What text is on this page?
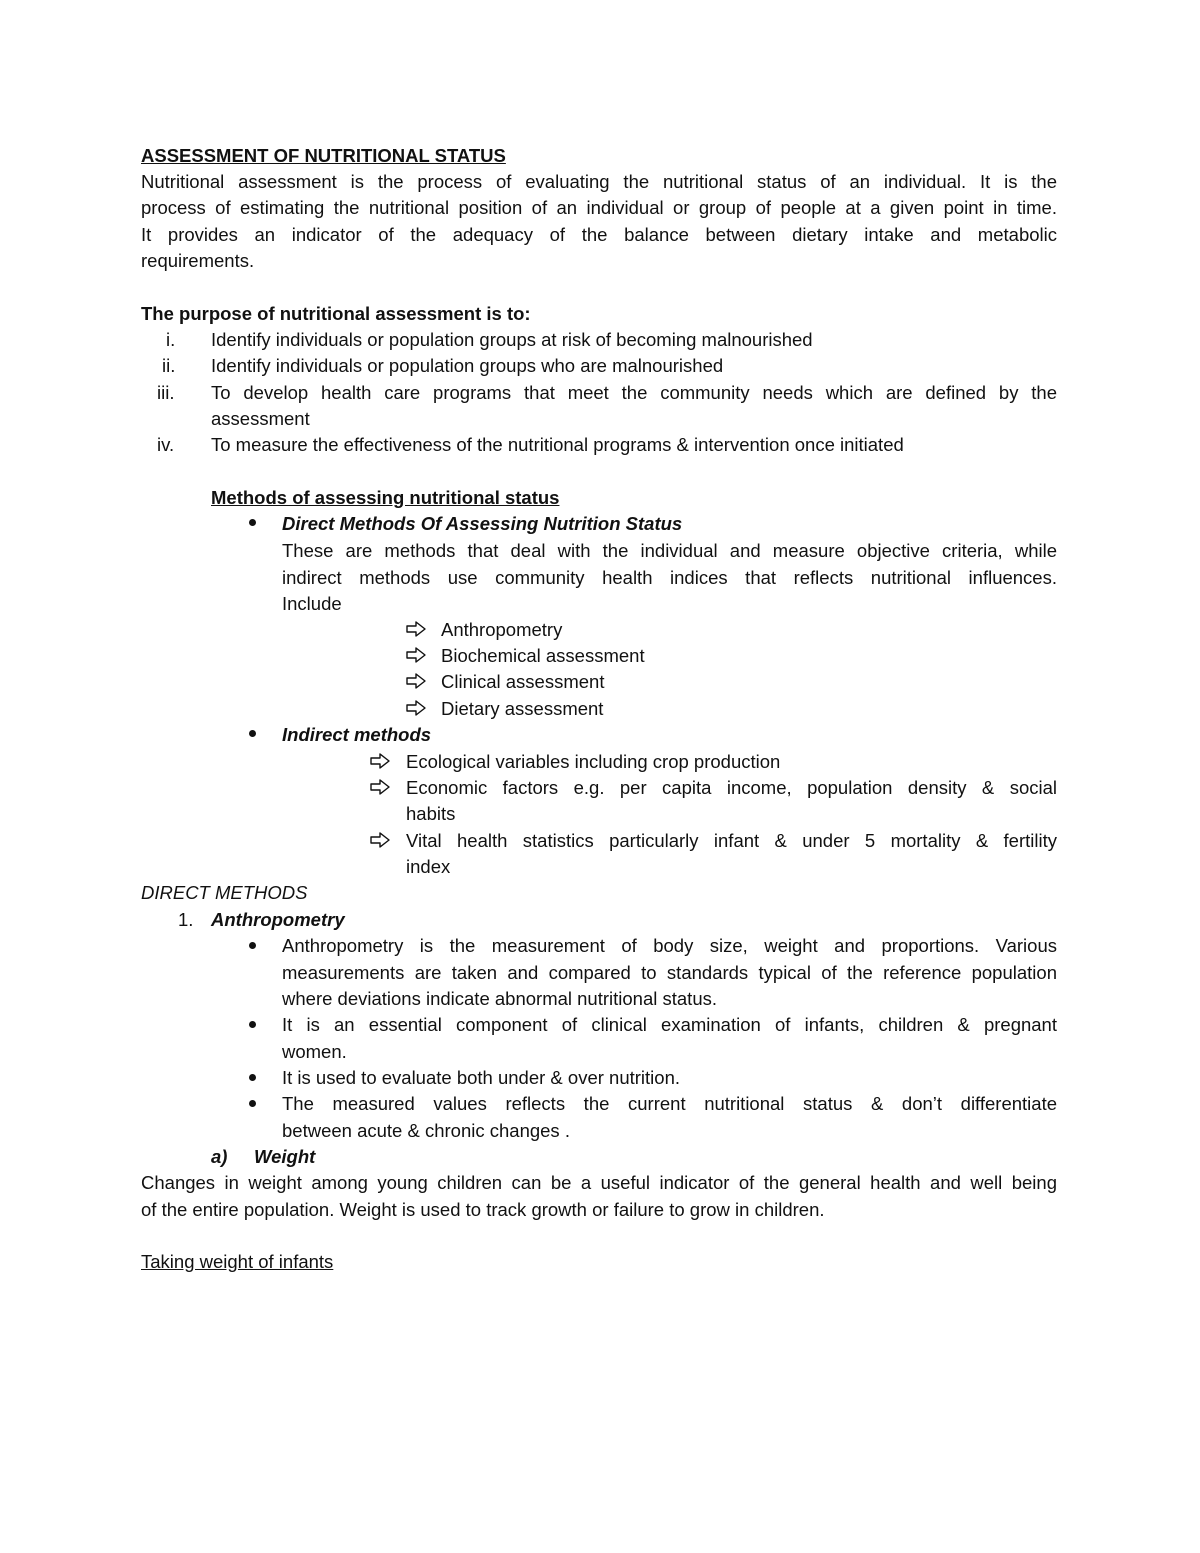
ASSESSMENT OF NUTRITIONAL STATUS

Nutritional assessment is the process of evaluating the nutritional status of an individual. It is the

process of estimating the nutritional position of an individual or group of people at a given point in time.

It provides an indicator of the adequacy of the balance between dietary intake and metabolic

requirements.

The purpose of nutritional assessment is to:

i. Identify individuals or population groups at risk of becoming malnourished

ii. Identify individuals or population groups who are malnourished

iii. To develop health care programs that meet the community needs which are defined by the

assessment

iv. To measure the effectiveness of the nutritional programs & intervention once initiated

Methods of assessing nutritional status

Direct Methods Of Assessing Nutrition Status

These are methods that deal with the individual and measure objective criteria, while

indirect methods use community health indices that reflects nutritional influences.

Include

Anthropometry

Biochemical assessment

Clinical assessment

Dietary assessment

Indirect methods

Ecological variables including crop production

Economic factors e.g. per capita income, population density & social

habits

Vital health statistics particularly infant & under 5 mortality & fertility

index

DIRECT METHODS

1. Anthropometry

Anthropometry is the measurement of body size, weight and proportions. Various

measurements are taken and compared to standards typical of the reference population

where deviations indicate abnormal nutritional status.

It is an essential component of clinical examination of infants, children & pregnant

women.

It is used to evaluate both under & over nutrition.

The measured values reflects the current nutritional status & don’t differentiate

between acute & chronic changes .

a) Weight

Changes in weight among young children can be a useful indicator of the general health and well being

of the entire population. Weight is used to track growth or failure to grow in children.

Taking weight of infants
